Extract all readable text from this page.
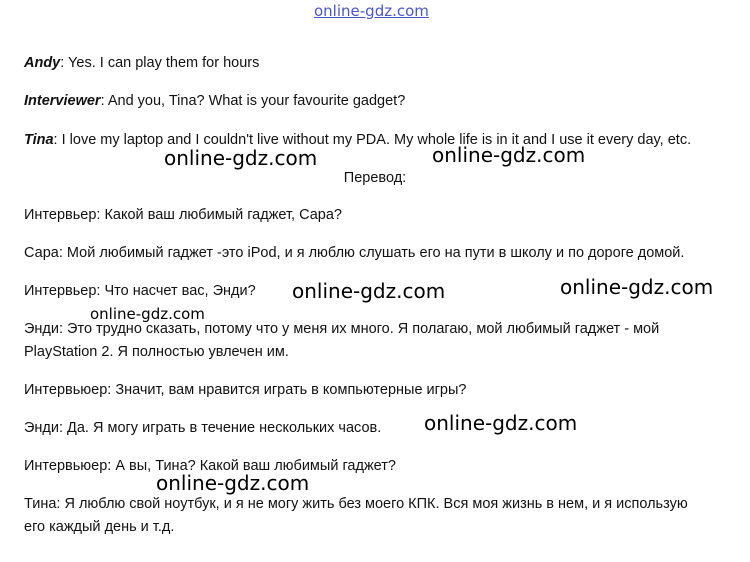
online-gdz.com
Andy: Yes. I can play them for hours
Interviewer: And you, Tina? What is your favourite gadget?
Tina: I love my laptop and I couldn't live without my PDA. My whole life is in it and I use it every day, etc.
online-gdz.com	online-gdz.com
Перевод:
Интервьер: Какой ваш любимый гаджет, Сара?
Сара: Мой любимый гаджет -это iPod, и я люблю слушать его на пути в школу и по дороге домой.
Интервьер: Что насчет вас, Энди? online-gdz.com	online-gdz.com
online-gdz.com
Энди: Это трудно сказать, потому что у меня их много. Я полагаю, мой любимый гаджет - мой
PlayStation 2. Я полностью увлечен им.
Интервьюер: Значит, вам нравится играть в компьютерные игры?
Энди: Да. Я могу играть в течение нескольких часов. online-gdz.com
Интервьюер: А вы, Тина? Какой ваш любимый гаджет?
online-gdz.com
Тина: Я люблю свой ноутбук, и я не могу жить без моего КПК. Вся моя жизнь в нем, и я использую
его каждый день и т.д.
